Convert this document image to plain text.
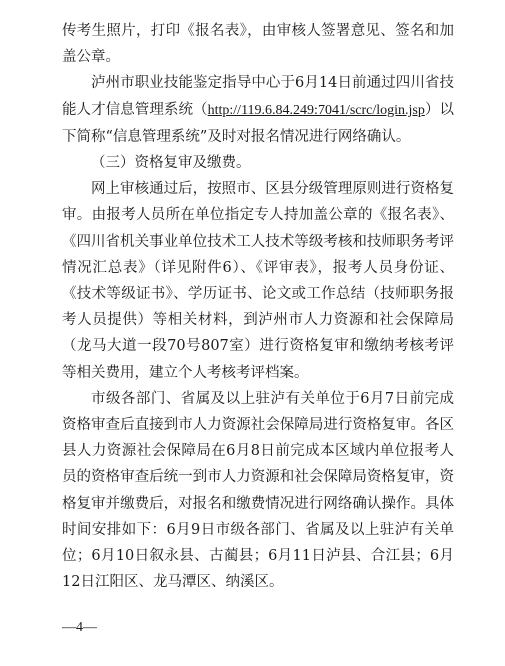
传考生照片，打印《报名表》，由审核人签署意见、签名和加盖公章。

泸州市职业技能鉴定指导中心于6月14日前通过四川省技能人才信息管理系统（http://119.6.84.249:7041/scrc/login.jsp）以下简称“信息管理系统”及时对报名情况进行网络确认。

（三）资格复审及缴费。

网上审核通过后，按照市、区县分级管理原则进行资格复审。由报考人员所在单位指定专人持加盖公章的《报名表》、《四川省机关事业单位技术工人技术等级考核和技师职务考评情况汇总表》（详见附件6）、《评审表》，报考人员身份证、《技术等级证书》、学历证书、论文或工作总结（技师职务报考人员提供）等相关材料，到泸州市人力资源和社会保障局（龙马大道一段70号807室）进行资格复审和缴纳考核考评等相关费用，建立个人考核考评档案。

市级各部门、省属及以上驻泸有关单位于6月7日前完成资格审查后直接到市人力资源社会保障局进行资格复审。各区县人力资源社会保障局在6月8日前完成本区域内单位报考人员的资格审查后统一到市人力资源和社会保障局资格复审，资格复审并缴费后，对报名和缴费情况进行网络确认操作。具体时间安排如下：6月9日市级各部门、省属及以上驻泸有关单位；6月10日叙永县、古蔺县；6月11日泸县、合江县；6月12日江阳区、龙马潭区、纳溪区。

—4—
